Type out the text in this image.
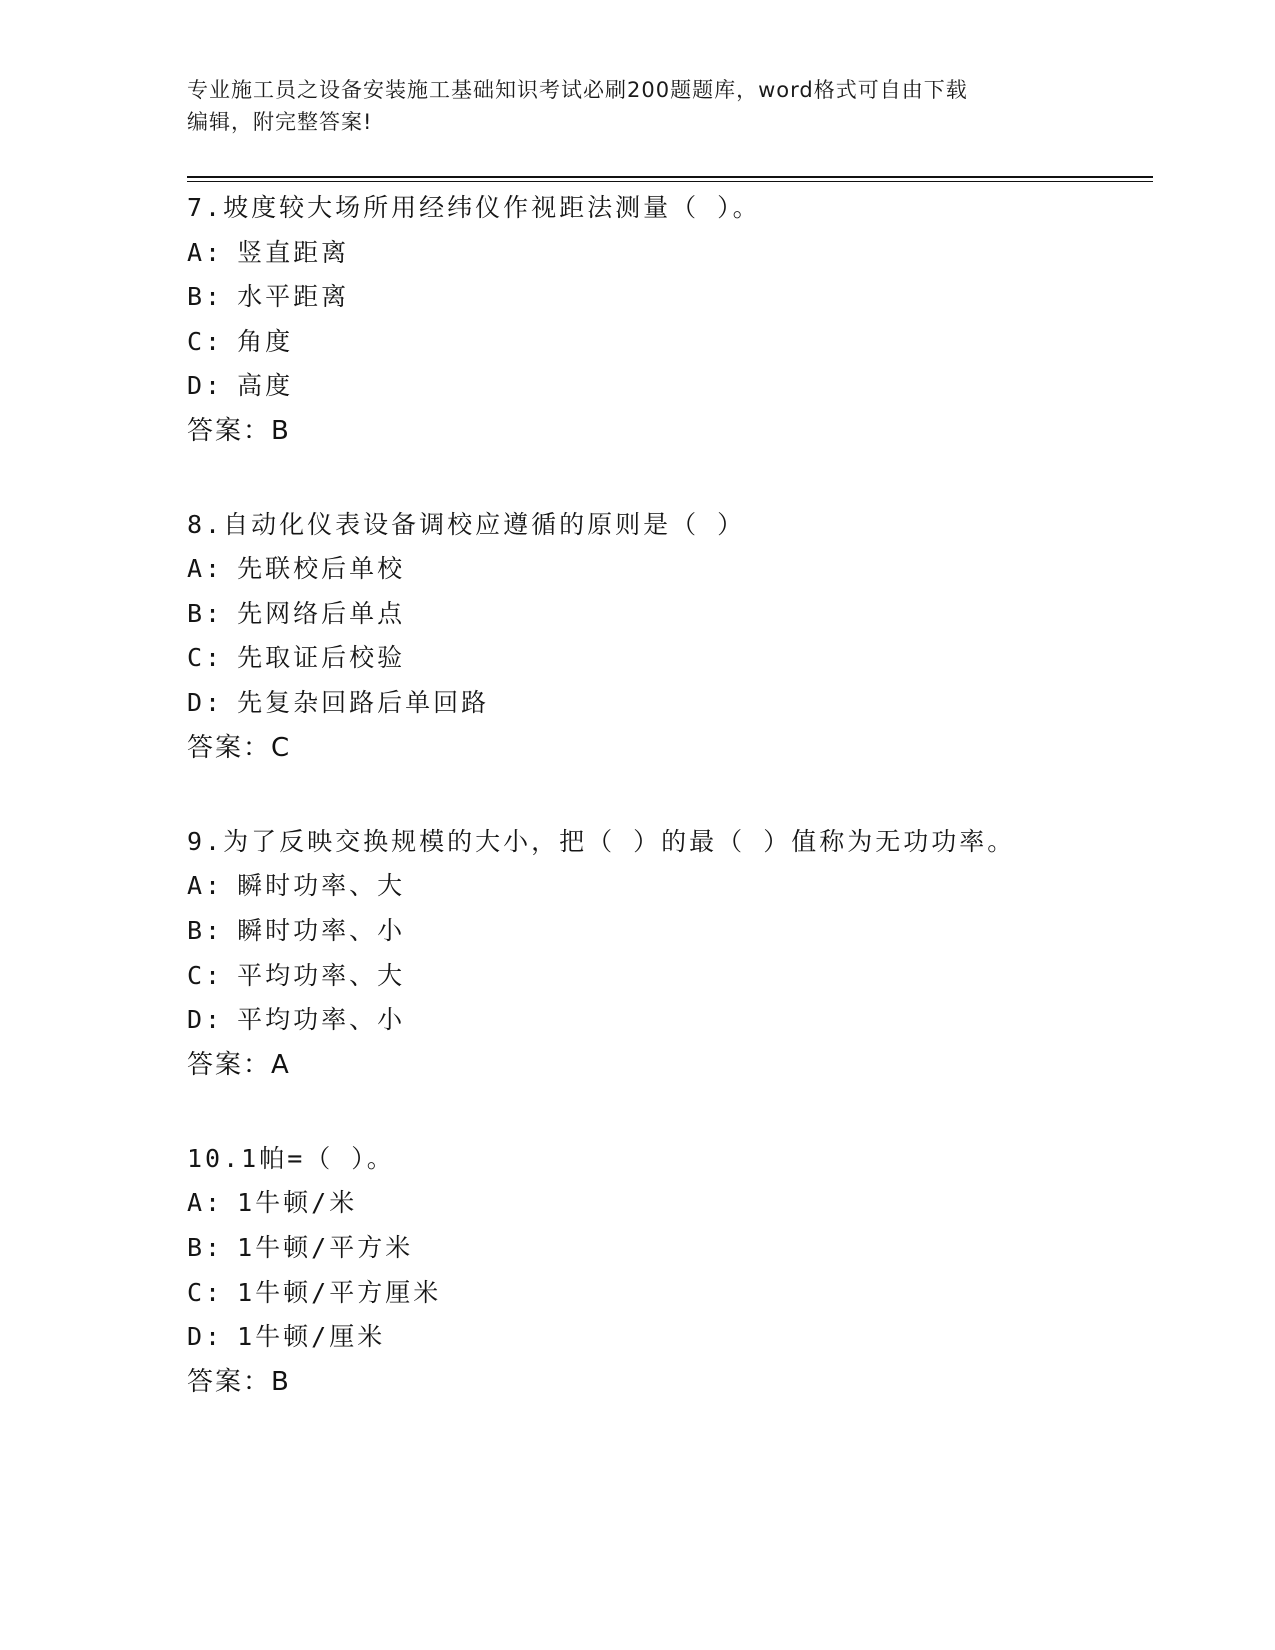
专业施工员之设备安装施工基础知识考试必刷200题题库，word格式可自由下载
编辑，附完整答案!
7.坡度较大场所用经纬仪作视距法测量（ ）。
A: 竖直距离
B: 水平距离
C: 角度
D: 高度
答案：B
8.自动化仪表设备调校应遵循的原则是（ ）
A: 先联校后单校
B: 先网络后单点
C: 先取证后校验
D: 先复杂回路后单回路
答案：C
9.为了反映交换规模的大小，把（ ）的最（ ）值称为无功功率。
A: 瞬时功率、大
B: 瞬时功率、小
C: 平均功率、大
D: 平均功率、小
答案：A
10.1帕=（ ）。
A: 1牛顿/米
B: 1牛顿/平方米
C: 1牛顿/平方厘米
D: 1牛顿/厘米
答案：B
